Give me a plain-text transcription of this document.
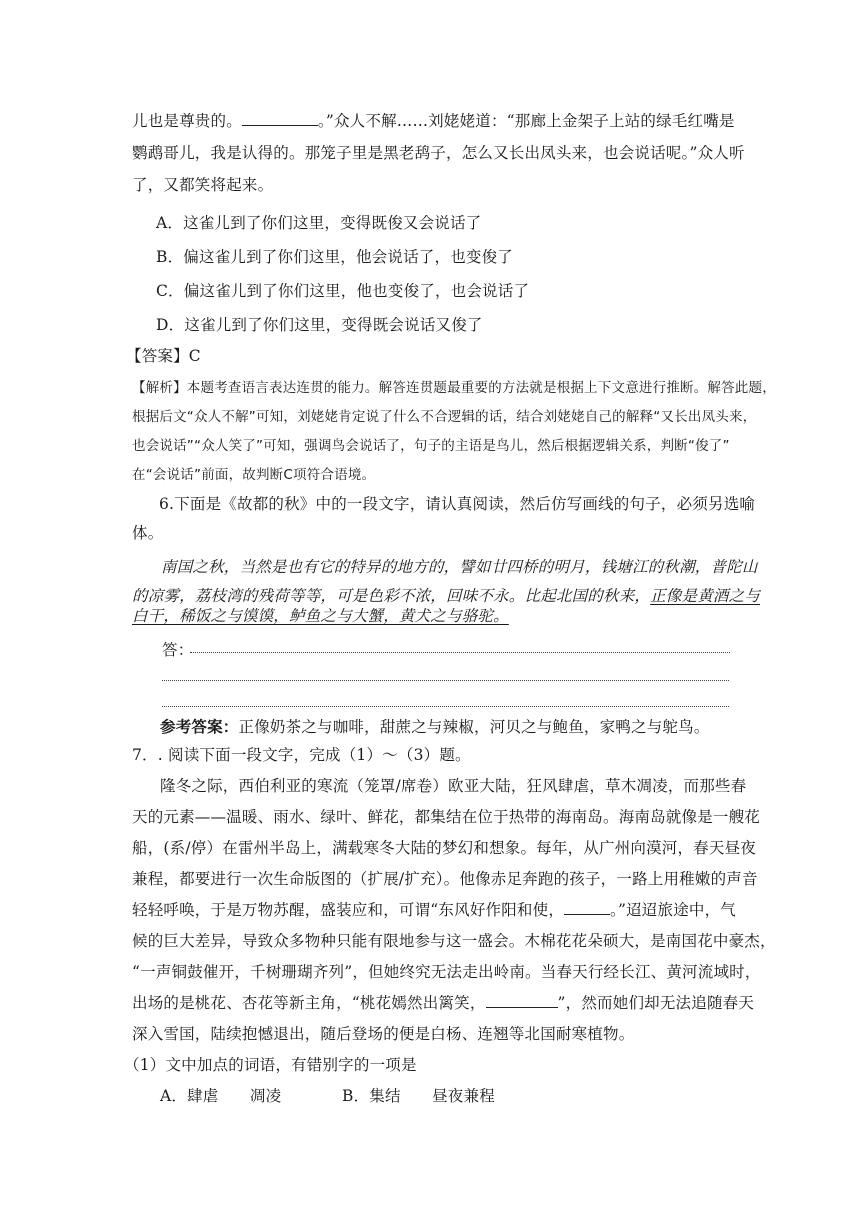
儿也是尊贵的。	。”众人不解……刘姥姥道：“那廊上金架子上站的绿毛红嘴是
鹦鹉哥儿，我是认得的。那笼子里是黑老鸹子，怎么又长出凤头来，也会说话呢。”众人听
了，又都笑将起来。
A．这雀儿到了你们这里，变得既俊又会说话了
B．偏这雀儿到了你们这里，他会说话了，也变俊了
C．偏这雀儿到了你们这里，他也变俊了，也会说话了
D．这雀儿到了你们这里，变得既会说话又俊了
【答案】C
【解析】本题考查语言表达连贯的能力。解答连贯题最重要的方法就是根据上下文意进行推断。解答此题，
根据后文“众人不解”可知，刘姥姥肯定说了什么不合逻辑的话，结合刘姥姥自己的解释“又长出凤头来，
也会说话”“众人笑了”可知，强调鸟会说话了，句子的主语是鸟儿，然后根据逻辑关系，判断“俊了”
在“会说话”前面，故判断C项符合语境。
6.下面是《故都的秋》中的一段文字，请认真阅读，然后仿写画线的句子，必须另选喻
体。
南国之秋，当然是也有它的特异的地方的，譬如廿四桥的明月，钱塘江的秋潮，普陀山
的凉雾，荔枝湾的残荷等等，可是色彩不浓，回味不永。比起北国的秋来，正像是黄酒之与
白干，稀饭之与馍馍，鲈鱼之与大蟹，黄犬之与骆驼。
答：
参考答案：正像奶茶之与咖啡，甜蔗之与辣椒，河贝之与鲍鱼，家鸭之与鸵鸟。
7．. 阅读下面一段文字，完成（1）～（3）题。
隆冬之际，西伯利亚的寒流（笼罩/席卷）欧亚大陆，狂风肆虐，草木凋凌，而那些春
天的元素——温暖、雨水、绿叶、鲜花，都集结在位于热带的海南岛。海南岛就像是一艘花
船，(系/停）在雷州半岛上，满载寒冬大陆的梦幻和想象。每年，从广州向漠河，春天昼夜
兼程，都要进行一次生命版图的（扩展/扩充）。他像赤足奔跑的孩子，一路上用稚嫩的声音
轻轻呼唤，于是万物苏醒，盛装应和，可谓“东风好作阳和使，	。”迢迢旅途中，气
候的巨大差异，导致众多物种只能有限地参与这一盛会。木棉花花朵硕大，是南国花中豪杰，
“一声铜鼓催开，千树珊瑚齐列”，但她终究无法走出岭南。当春天行经长江、黄河流域时，
出场的是桃花、杏花等新主角，“桃花嫣然出篱笑，	”，然而她们却无法追随春天
深入雪国，陆续抱憾退出，随后登场的便是白杨、连翘等北国耐寒植物。
（1）文中加点的词语，有错别字的一项是
A．肆虐　　凋凌	B．集结　　昼夜兼程
